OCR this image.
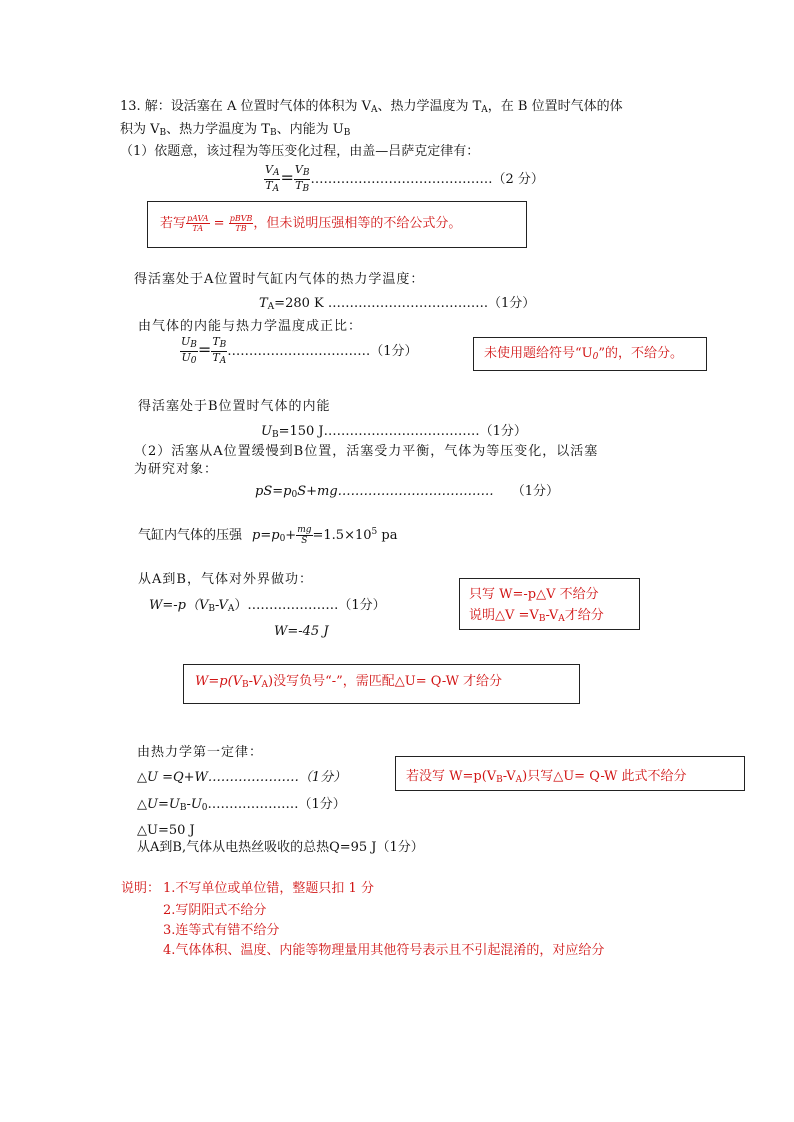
13. 解：设活塞在 A 位置时气体的体积为 $V_A$、热力学温度为 $T_A$，在 B 位置时气体的体
积为 $V_B$、热力学温度为 $T_B$、内能为 $U_B$
（1）依题意，该过程为等压变化过程，由盖—吕萨克定律有：
$\frac{V_A}{T_A} = \frac{V_B}{T_B}$ ……………………………………（2 分）
若写 $\frac{\text{pAVA}}{TA} = \frac{\text{pBVB}}{TB}$ ，但未说明压强相等的不给公式分。
得活塞处于A位置时气缸内气体的热力学温度：
$T_A=280$ K ……………………………….（1分）
由气体的内能与热力学温度成正比：
$\frac{U_B}{U_0} = \frac{T_B}{T_A}$ ……………………………（1分）	未使用题给符号“$U_0$”的，不给分。
得活塞处于B位置时气体的内能
$U_B=150$ J………………………………（1分）
（2）活塞从A位置缓慢到B位置，活塞受力平衡，气体为等压变化，以活塞
为研究对象：
$pS=p_0S+mg\dots\dots\dots\dots\dots\dots\dots\dots\dots\dots\dots\dots$ （1分）
气缸内气体的压强 $p=p_0+ \frac{mg}{S} =1.5\times 10^5$ pa
从A到B，气体对外界做功：
$W=-p(V_B-V_A)\dots\dots\dots\dots\dots\dots\dots(1$分）
W=-45 J
只写 W=-p△V 不给分
说明△V $=V_B-V_A$才给分
$W=p(V_B-V_A)$没写负号“-”，需匹配△U= Q-W 才给分
由热力学第一定律：
△U =Q+W…………………（1分）
$\triangle U=U_B-U_0\dots\dots\dots\dots\dots\dots\dots(1$分）
△U=50 J
从A到B,气体从电热丝吸收的总热Q=95 J（1分）
若没写 $W=p(V_B-V_A)$只写△U= Q-W 此式不给分
说明： 1.不写单位或单位错，整题只扣 1 分
2.写阴阳式不给分
3.连等式有错不给分
4.气体体积、温度、内能等物理量用其他符号表示且不引起混淆的，对应给分
